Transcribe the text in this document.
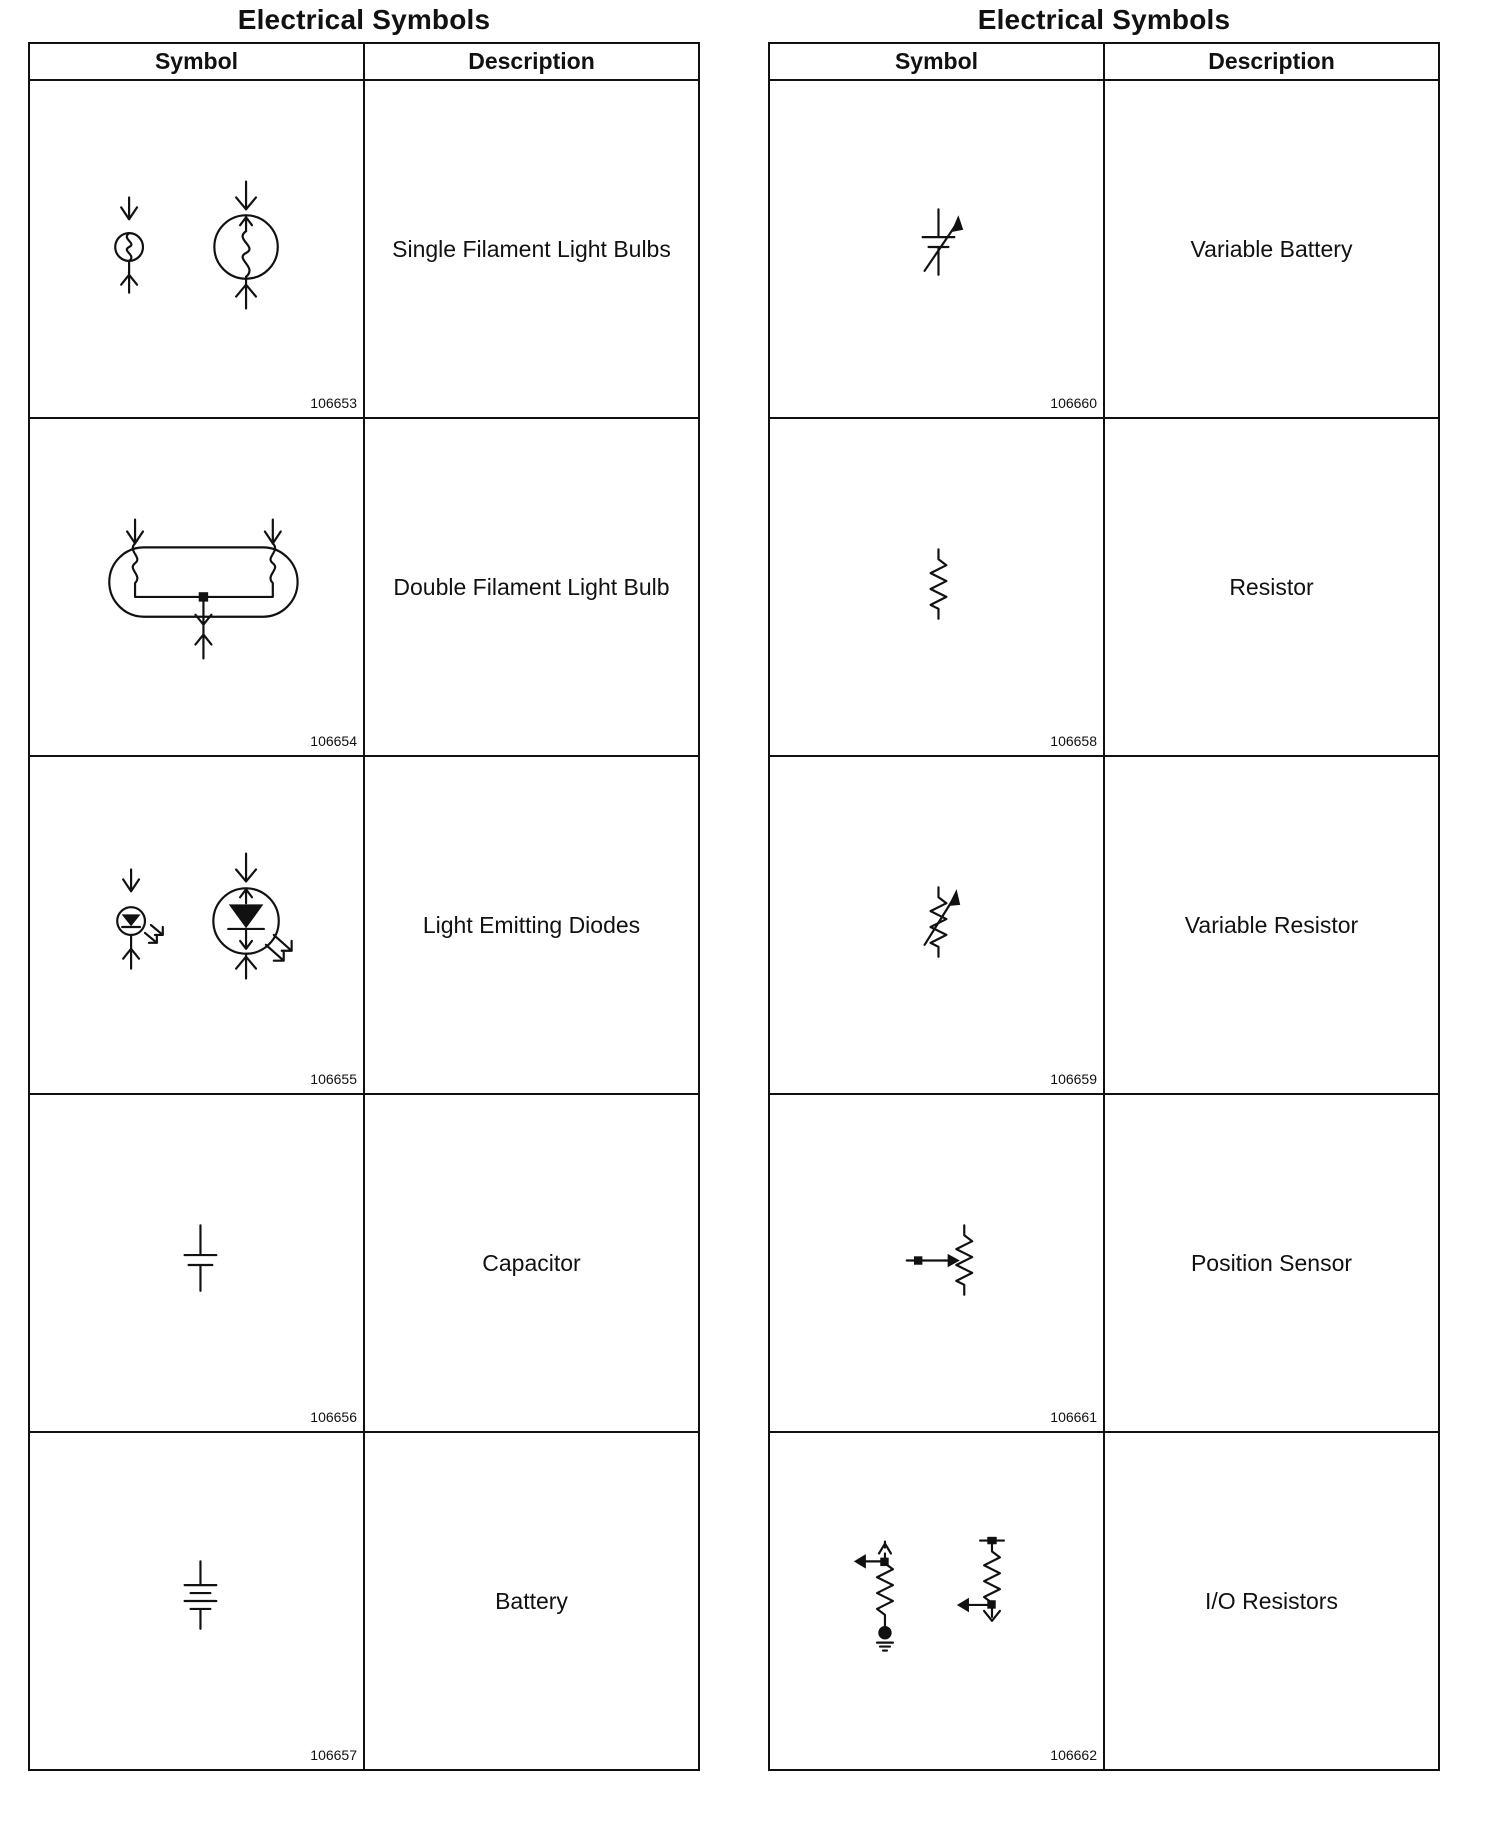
Electrical Symbols
Symbol	Description

106653	Single Filament Light Bulbs

106654	Double Filament Light Bulb

106655	Light Emitting Diodes

106656	Capacitor

106657	Battery
Electrical Symbols
Symbol	Description

106660	Variable Battery

106658	Resistor

106659	Variable Resistor

106661	Position Sensor

106662	I/O Resistors
